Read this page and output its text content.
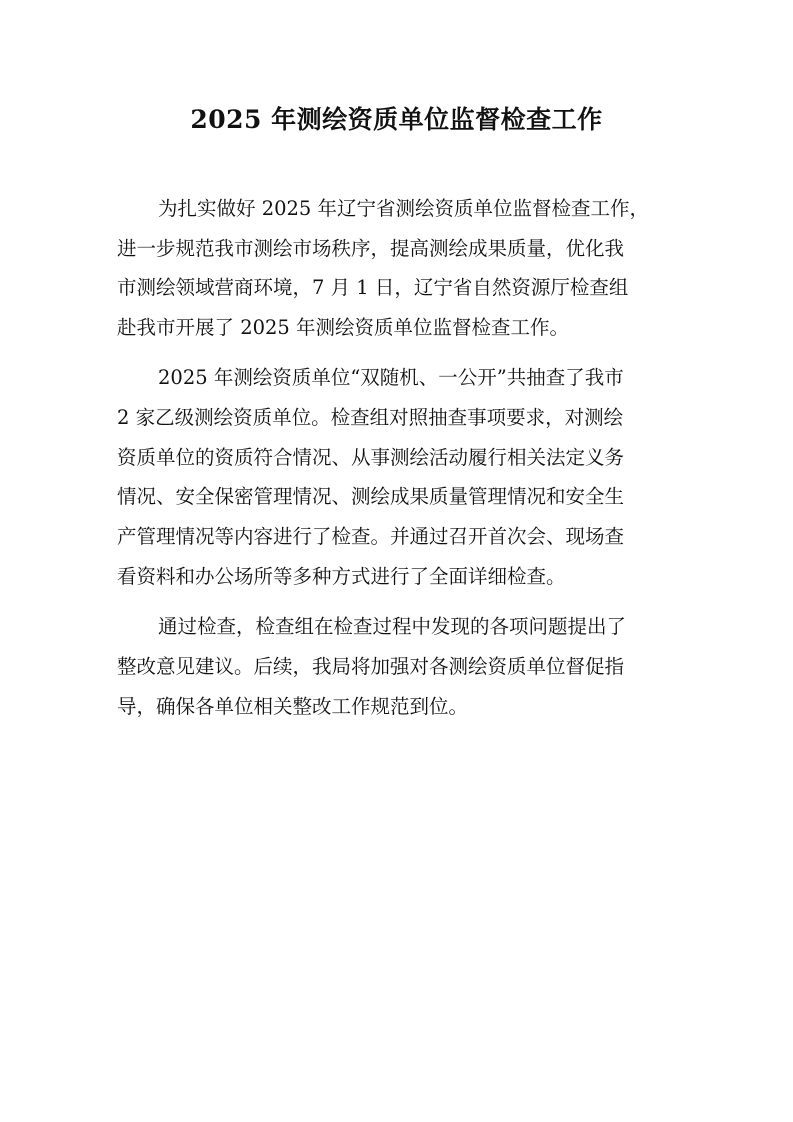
2025 年测绘资质单位监督检查工作

为扎实做好 2025 年辽宁省测绘资质单位监督检查工作，

进一步规范我市测绘市场秩序，提高测绘成果质量，优化我

市测绘领域营商环境，7 月 1 日，辽宁省自然资源厅检查组

赴我市开展了 2025 年测绘资质单位监督检查工作。

2025 年测绘资质单位“双随机、一公开”共抽查了我市

2 家乙级测绘资质单位。检查组对照抽查事项要求，对测绘

资质单位的资质符合情况、从事测绘活动履行相关法定义务

情况、安全保密管理情况、测绘成果质量管理情况和安全生

产管理情况等内容进行了检查。并通过召开首次会、现场查

看资料和办公场所等多种方式进行了全面详细检查。

通过检查，检查组在检查过程中发现的各项问题提出了

整改意见建议。后续，我局将加强对各测绘资质单位督促指

导，确保各单位相关整改工作规范到位。
